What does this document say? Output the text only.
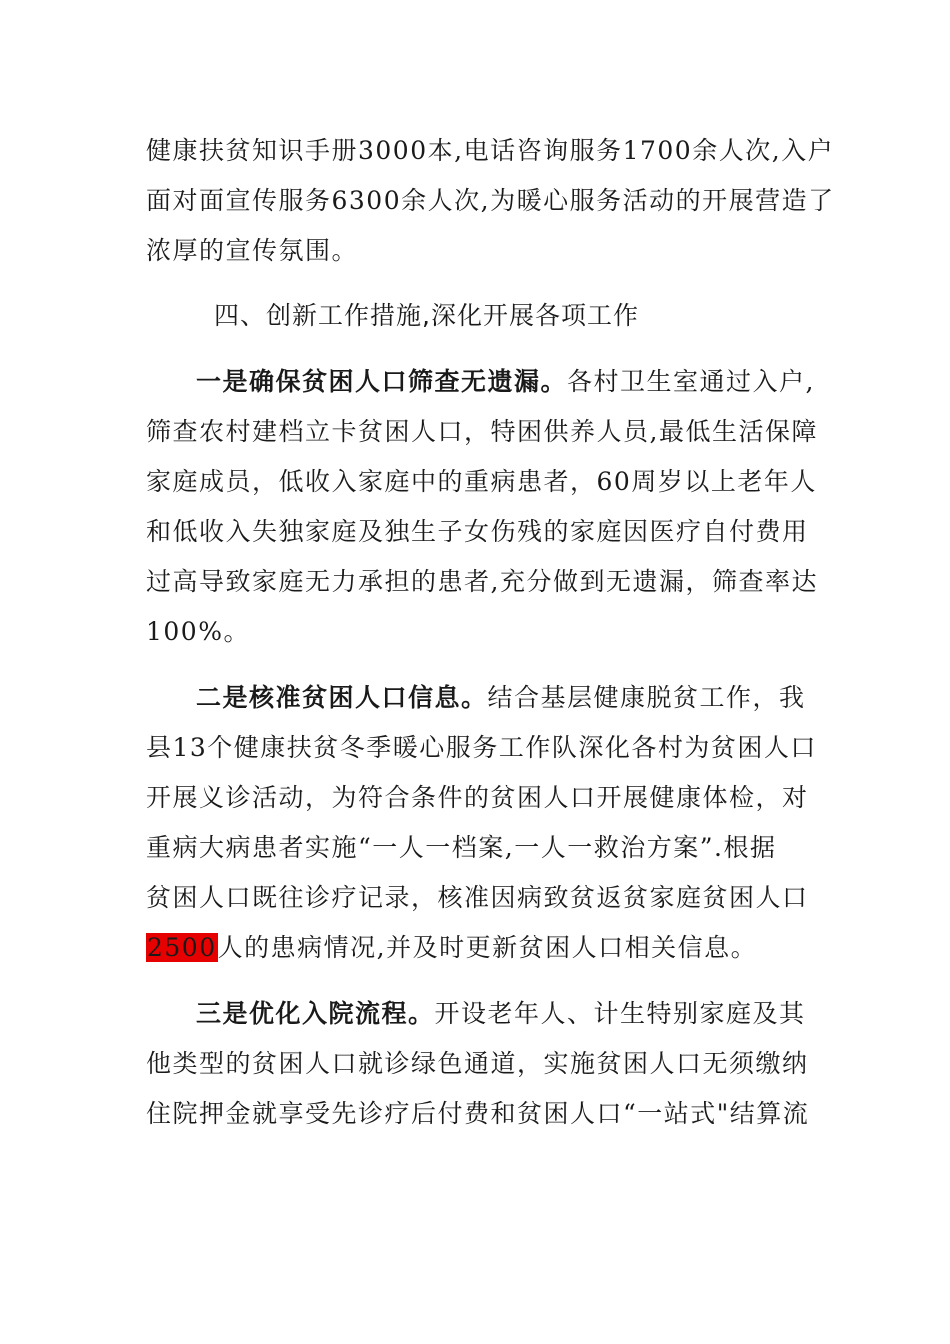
健康扶贫知识手册3000本,电话咨询服务1700余人次,入户
面对面宣传服务6300余人次,为暖心服务活动的开展营造了
浓厚的宣传氛围。
四、创新工作措施,深化开展各项工作
一是确保贫困人口筛查无遗漏。各村卫生室通过入户,
筛查农村建档立卡贫困人口，特困供养人员,最低生活保障
家庭成员，低收入家庭中的重病患者，60周岁以上老年人
和低收入失独家庭及独生子女伤残的家庭因医疗自付费用
过高导致家庭无力承担的患者,充分做到无遗漏，筛查率达
100%。
二是核准贫困人口信息。结合基层健康脱贫工作，我
县13个健康扶贫冬季暖心服务工作队深化各村为贫困人口
开展义诊活动，为符合条件的贫困人口开展健康体检，对
重病大病患者实施“一人一档案,一人一救治方案”.根据
贫困人口既往诊疗记录，核准因病致贫返贫家庭贫困人口
2500人的患病情况,并及时更新贫困人口相关信息。
三是优化入院流程。开设老年人、计生特别家庭及其
他类型的贫困人口就诊绿色通道，实施贫困人口无须缴纳
住院押金就享受先诊疗后付费和贫困人口“一站式"结算流
